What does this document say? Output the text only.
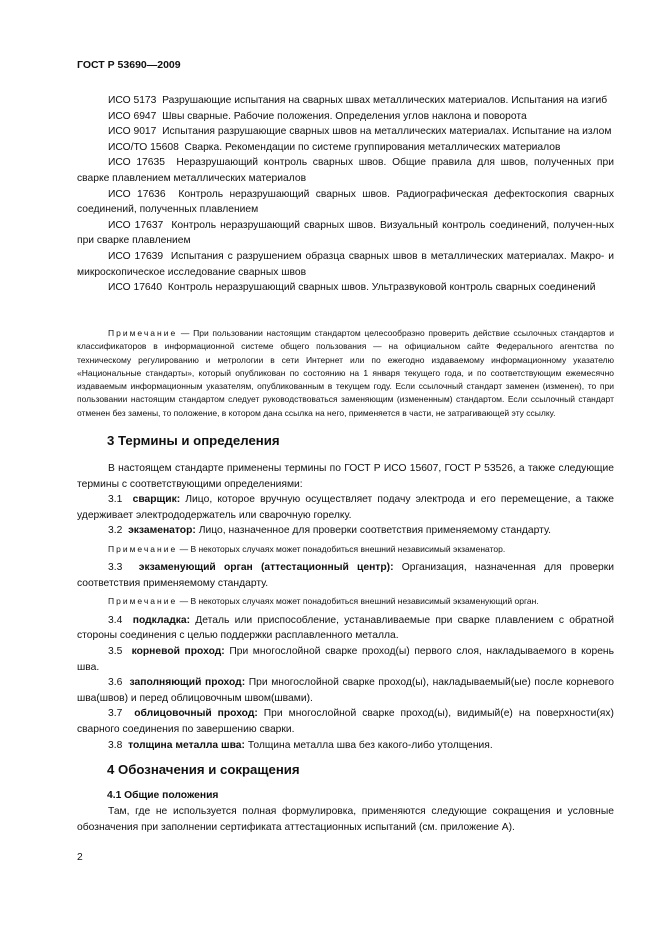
ГОСТ Р 53690—2009

ИСО 5173 Разрушающие испытания на сварных швах металлических материалов. Испытания на изгиб

ИСО 6947 Швы сварные. Рабочие положения. Определения углов наклона и поворота

ИСО 9017 Испытания разрушающие сварных швов на металлических материалах. Испытание на излом

ИСО/ТО 15608 Сварка. Рекомендации по системе группирования металлических материалов

ИСО 17635 Неразрушающий контроль сварных швов. Общие правила для швов, полученных при сварке плавлением металлических материалов

ИСО 17636 Контроль неразрушающий сварных швов. Радиографическая дефектоскопия сварных соединений, полученных плавлением

ИСО 17637 Контроль неразрушающий сварных швов. Визуальный контроль соединений, получен-ных при сварке плавлением

ИСО 17639 Испытания с разрушением образца сварных швов в металлических материалах. Макро- и микроскопическое исследование сварных швов

ИСО 17640 Контроль неразрушающий сварных швов. Ультразвуковой контроль сварных соединений

Примечание — При пользовании настоящим стандартом целесообразно проверить действие ссылочных стандартов и классификаторов в информационной системе общего пользования — на официальном сайте Федерального агентства по техническому регулированию и метрологии в сети Интернет или по ежегодно издаваемому информационному указателю «Национальные стандарты», который опубликован по состоянию на 1 января текущего года, и по соответствующим ежемесячно издаваемым информационным указателям, опубликованным в текущем году. Если ссылочный стандарт заменен (изменен), то при пользовании настоящим стандартом следует руководствоваться заменяющим (измененным) стандартом. Если ссылочный стандарт отменен без замены, то положение, в котором дана ссылка на него, применяется в части, не затрагивающей эту ссылку.

3 Термины и определения

В настоящем стандарте применены термины по ГОСТ Р ИСО 15607, ГОСТ Р 53526, а также следующие термины с соответствующими определениями:

3.1 сварщик: Лицо, которое вручную осуществляет подачу электрода и его перемещение, а также удерживает электрододержатель или сварочную горелку.

3.2 экзаменатор: Лицо, назначенное для проверки соответствия применяемому стандарту.

Примечание — В некоторых случаях может понадобиться внешний независимый экзаменатор.

3.3 экзаменующий орган (аттестационный центр): Организация, назначенная для проверки соответствия применяемому стандарту.

Примечание — В некоторых случаях может понадобиться внешний независимый экзаменующий орган.

3.4 подкладка: Деталь или приспособление, устанавливаемые при сварке плавлением с обратной стороны соединения с целью поддержки расплавленного металла.

3.5 корневой проход: При многослойной сварке проход(ы) первого слоя, накладываемого в корень шва.

3.6 заполняющий проход: При многослойной сварке проход(ы), накладываемый(ые) после корневого шва(швов) и перед облицовочным швом(швами).

3.7 облицовочный проход: При многослойной сварке проход(ы), видимый(е) на поверхности(ях) сварного соединения по завершению сварки.

3.8 толщина металла шва: Толщина металла шва без какого-либо утолщения.

4 Обозначения и сокращения
4.1 Общие положения

Там, где не используется полная формулировка, применяются следующие сокращения и условные обозначения при заполнении сертификата аттестационных испытаний (см. приложение А).

2
